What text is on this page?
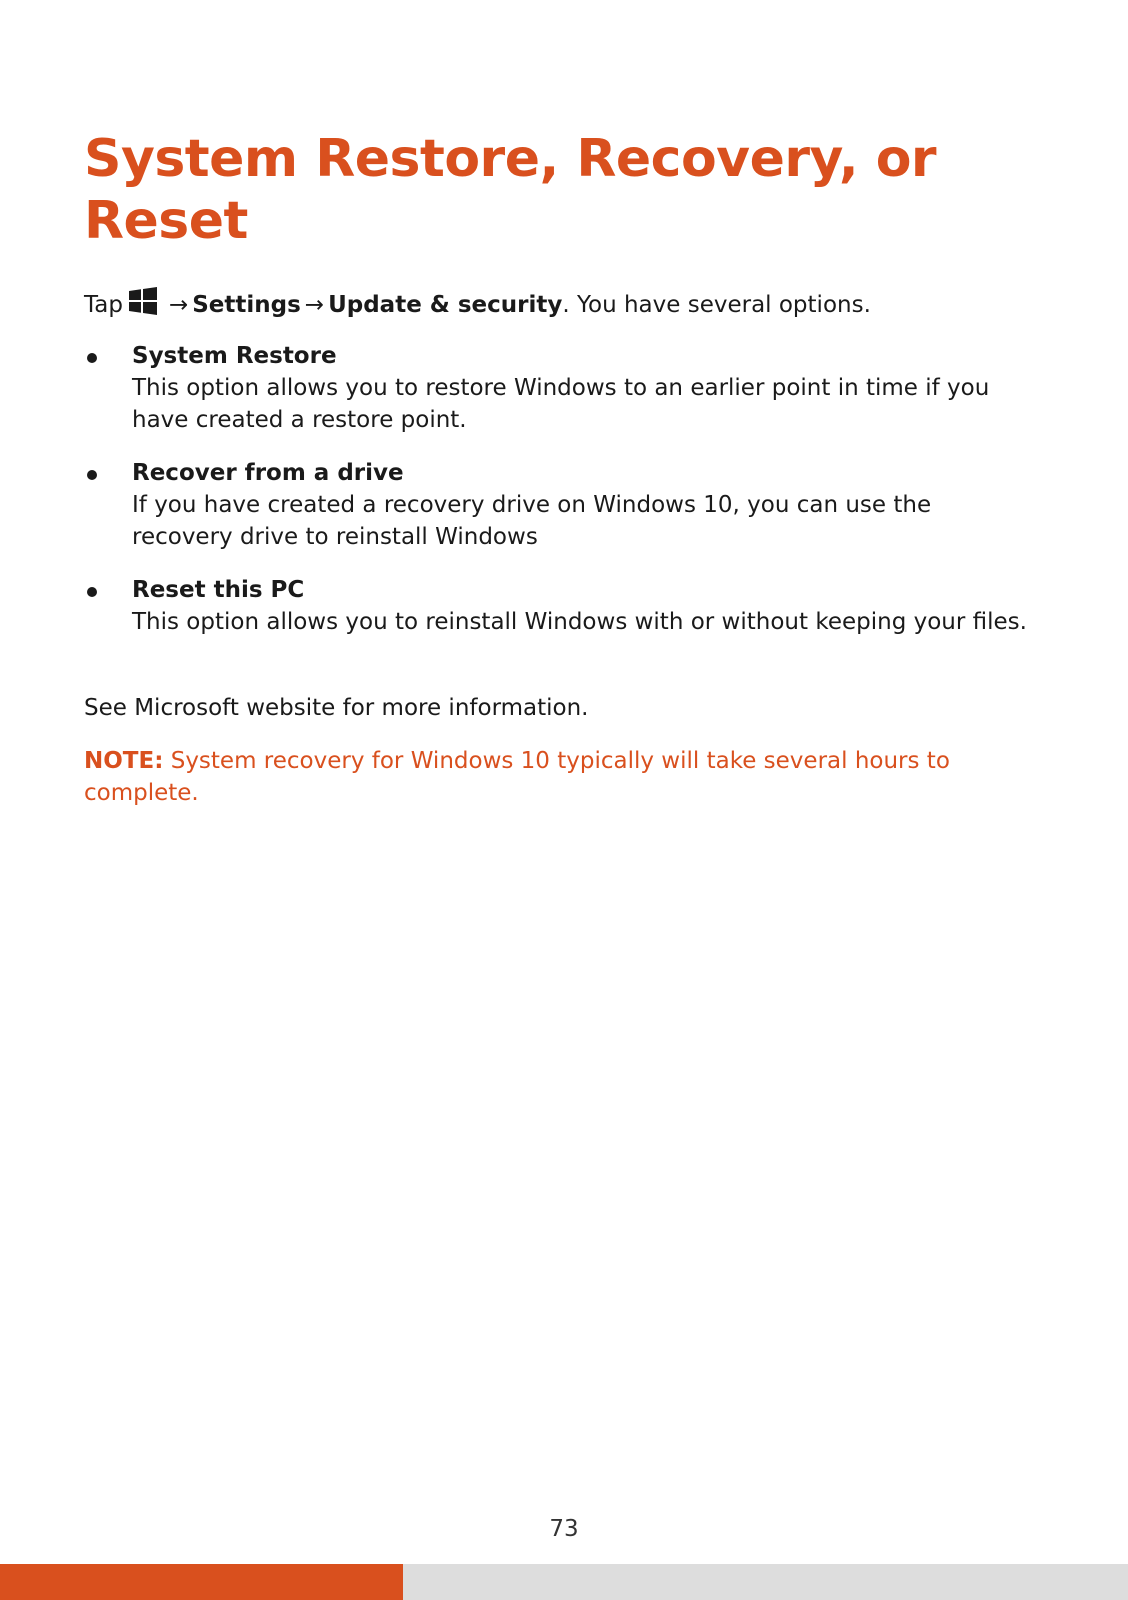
System Restore, Recovery, or Reset

Tap → Settings → Update & security. You have several options.

System Restore
This option allows you to restore Windows to an earlier point in time if you have created a restore point.
Recover from a drive
If you have created a recovery drive on Windows 10, you can use the recovery drive to reinstall Windows
Reset this PC
This option allows you to reinstall Windows with or without keeping your files.

See Microsoft website for more information.

NOTE: System recovery for Windows 10 typically will take several hours to complete.

73
